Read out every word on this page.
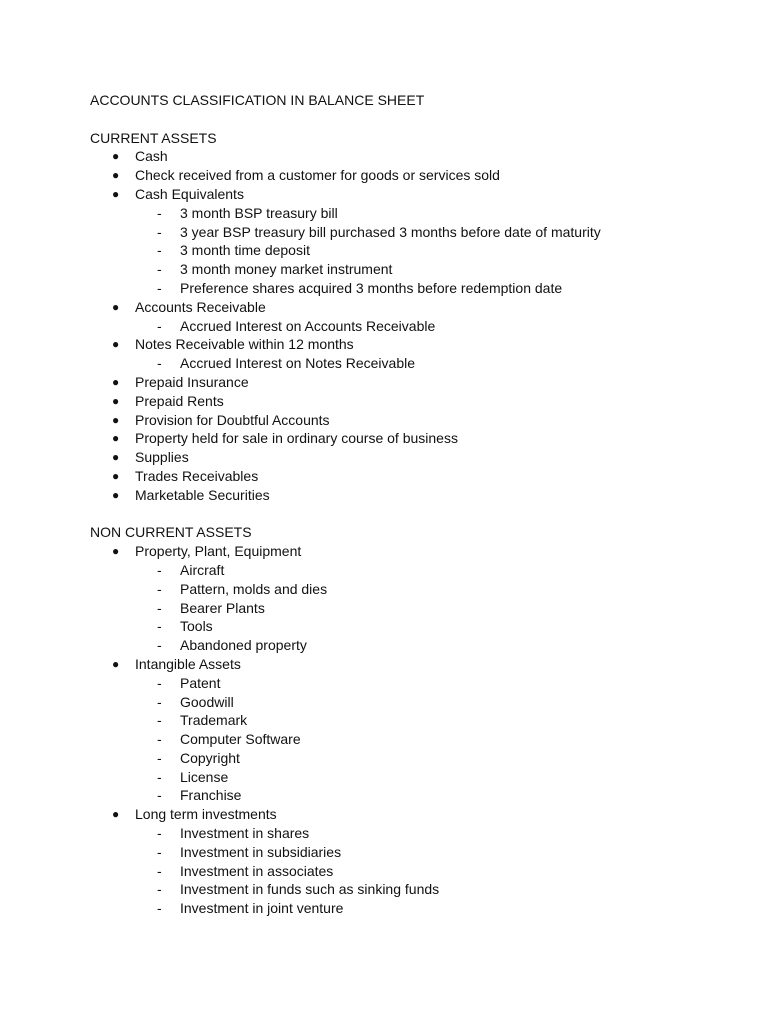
ACCOUNTS CLASSIFICATION IN BALANCE SHEET
CURRENT ASSETS
● Cash
● Check received from a customer for goods or services sold
● Cash Equivalents
- 3 month BSP treasury bill
- 3 year BSP treasury bill purchased 3 months before date of maturity
- 3 month time deposit
- 3 month money market instrument
- Preference shares acquired 3 months before redemption date
● Accounts Receivable
- Accrued Interest on Accounts Receivable
● Notes Receivable within 12 months
- Accrued Interest on Notes Receivable
● Prepaid Insurance
● Prepaid Rents
● Provision for Doubtful Accounts
● Property held for sale in ordinary course of business
● Supplies
● Trades Receivables
● Marketable Securities
NON CURRENT ASSETS
● Property, Plant, Equipment
- Aircraft
- Pattern, molds and dies
- Bearer Plants
- Tools
- Abandoned property
● Intangible Assets
- Patent
- Goodwill
- Trademark
- Computer Software
- Copyright
- License
- Franchise
● Long term investments
- Investment in shares
- Investment in subsidiaries
- Investment in associates
- Investment in funds such as sinking funds
- Investment in joint venture
